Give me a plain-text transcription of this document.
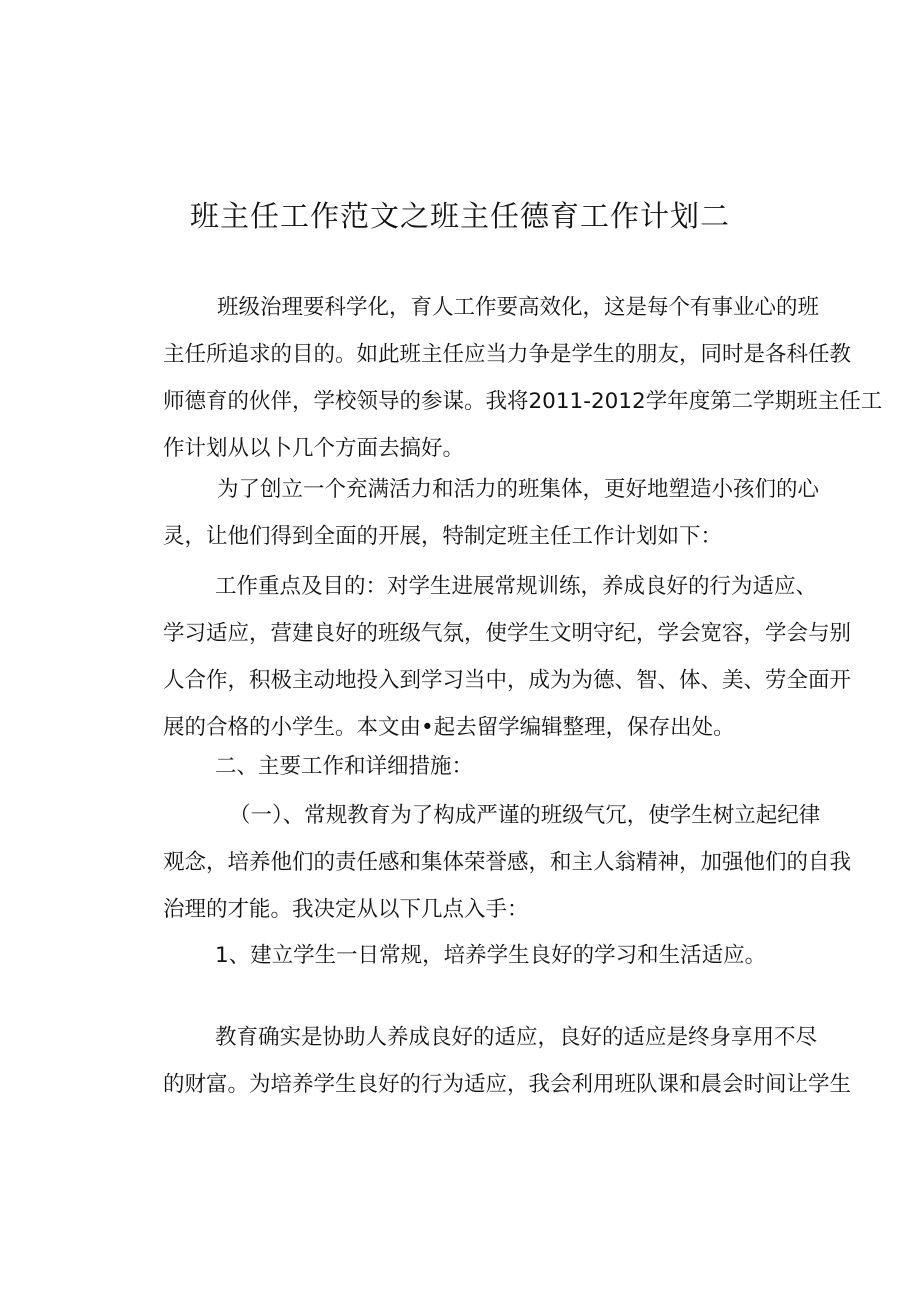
班主任工作范文之班主任德育工作计划二

班级治理要科学化，育人工作要高效化，这是每个有事业心的班
主任所追求的目的。如此班主任应当力争是学生的朋友，同时是各科任教
师德育的伙伴，学校领导的参谋。我将2011-2012学年度第二学期班主任工
作计划从以卜几个方面去搞好。

为了创立一个充满活力和活力的班集体，更好地塑造小孩们的心
灵，让他们得到全面的开展，特制定班主任工作计划如下：

工作重点及目的：对学生进展常规训练，养成良好的行为适应、
学习适应，营建良好的班级气氛，使学生文明守纪，学会宽容，学会与别
人合作，积极主动地投入到学习当中，成为为德、智、体、美、劳全面开
展的合格的小学生。本文由•起去留学编辑整理，保存出处。

二、主要工作和详细措施：

（一）、常规教育为了构成严谨的班级气冗，使学生树立起纪律
观念，培养他们的责任感和集体荣誉感，和主人翁精神，加强他们的自我
治理的才能。我决定从以下几点入手：

1、建立学生一日常规，培养学生良好的学习和生活适应。

教育确实是协助人养成良好的适应，良好的适应是终身享用不尽
的财富。为培养学生良好的行为适应，我会利用班队课和晨会时间让学生
